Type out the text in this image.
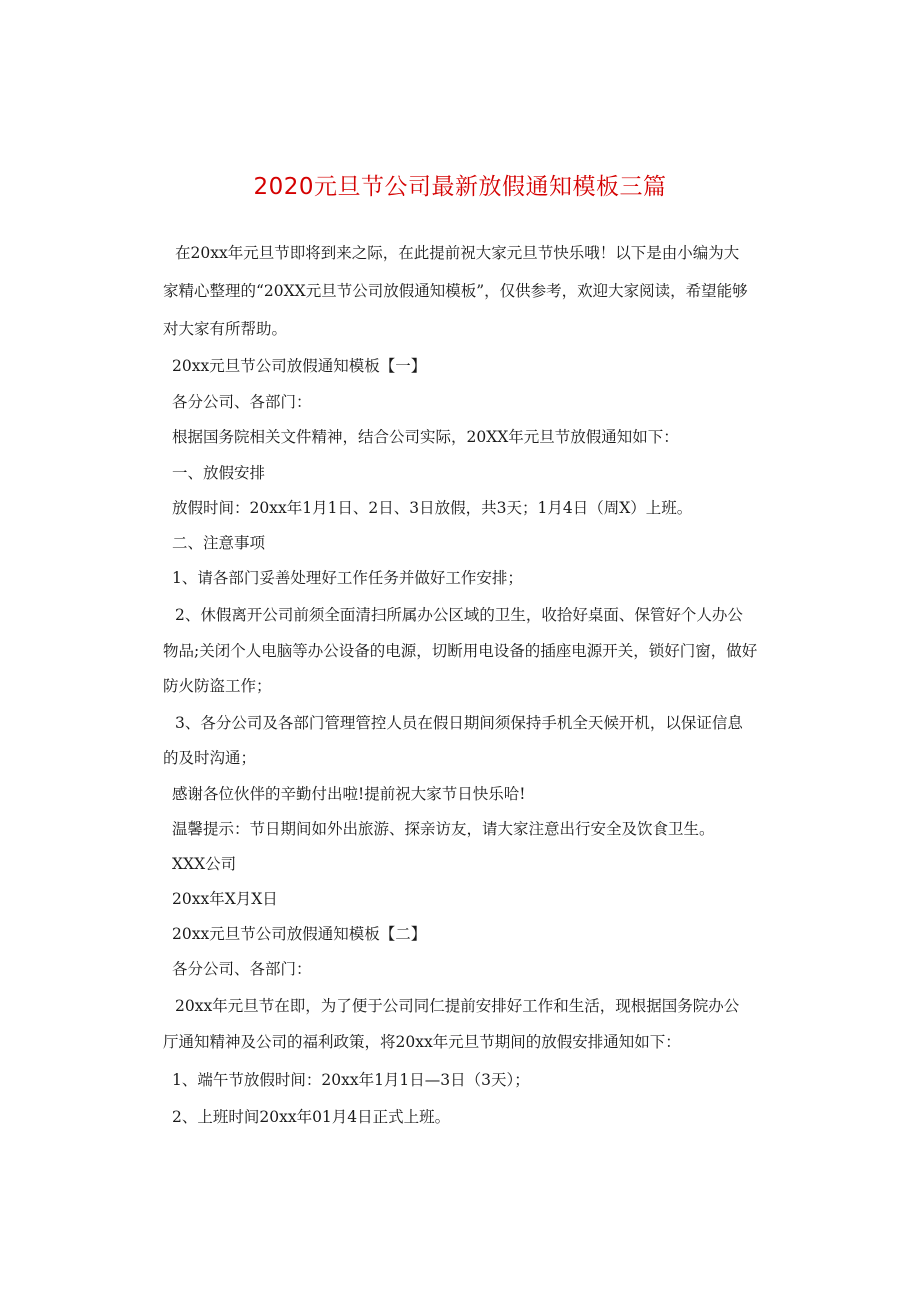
2020元旦节公司最新放假通知模板三篇

在20xx年元旦节即将到来之际，在此提前祝大家元旦节快乐哦！以下是由小编为大

家精心整理的“20XX元旦节公司放假通知模板”，仅供参考，欢迎大家阅读，希望能够

对大家有所帮助。

20xx元旦节公司放假通知模板【一】

各分公司、各部门：

根据国务院相关文件精神，结合公司实际，20XX年元旦节放假通知如下：

一、放假安排

放假时间：20xx年1月1日、2日、3日放假，共3天；1月4日（周X）上班。

二、注意事项

1、请各部门妥善处理好工作任务并做好工作安排；

2、休假离开公司前须全面清扫所属办公区域的卫生，收拾好桌面、保管好个人办公

物品;关闭个人电脑等办公设备的电源，切断用电设备的插座电源开关，锁好门窗，做好

防火防盗工作；

3、各分公司及各部门管理管控人员在假日期间须保持手机全天候开机，以保证信息

的及时沟通；

感谢各位伙伴的辛勤付出啦!提前祝大家节日快乐哈!

温馨提示：节日期间如外出旅游、探亲访友，请大家注意出行安全及饮食卫生。

XXX公司

20xx年X月X日

20xx元旦节公司放假通知模板【二】

各分公司、各部门：

20xx年元旦节在即，为了便于公司同仁提前安排好工作和生活，现根据国务院办公

厅通知精神及公司的福利政策，将20xx年元旦节期间的放假安排通知如下：

1、端午节放假时间：20xx年1月1日—3日（3天）；

2、上班时间20xx年01月4日正式上班。
